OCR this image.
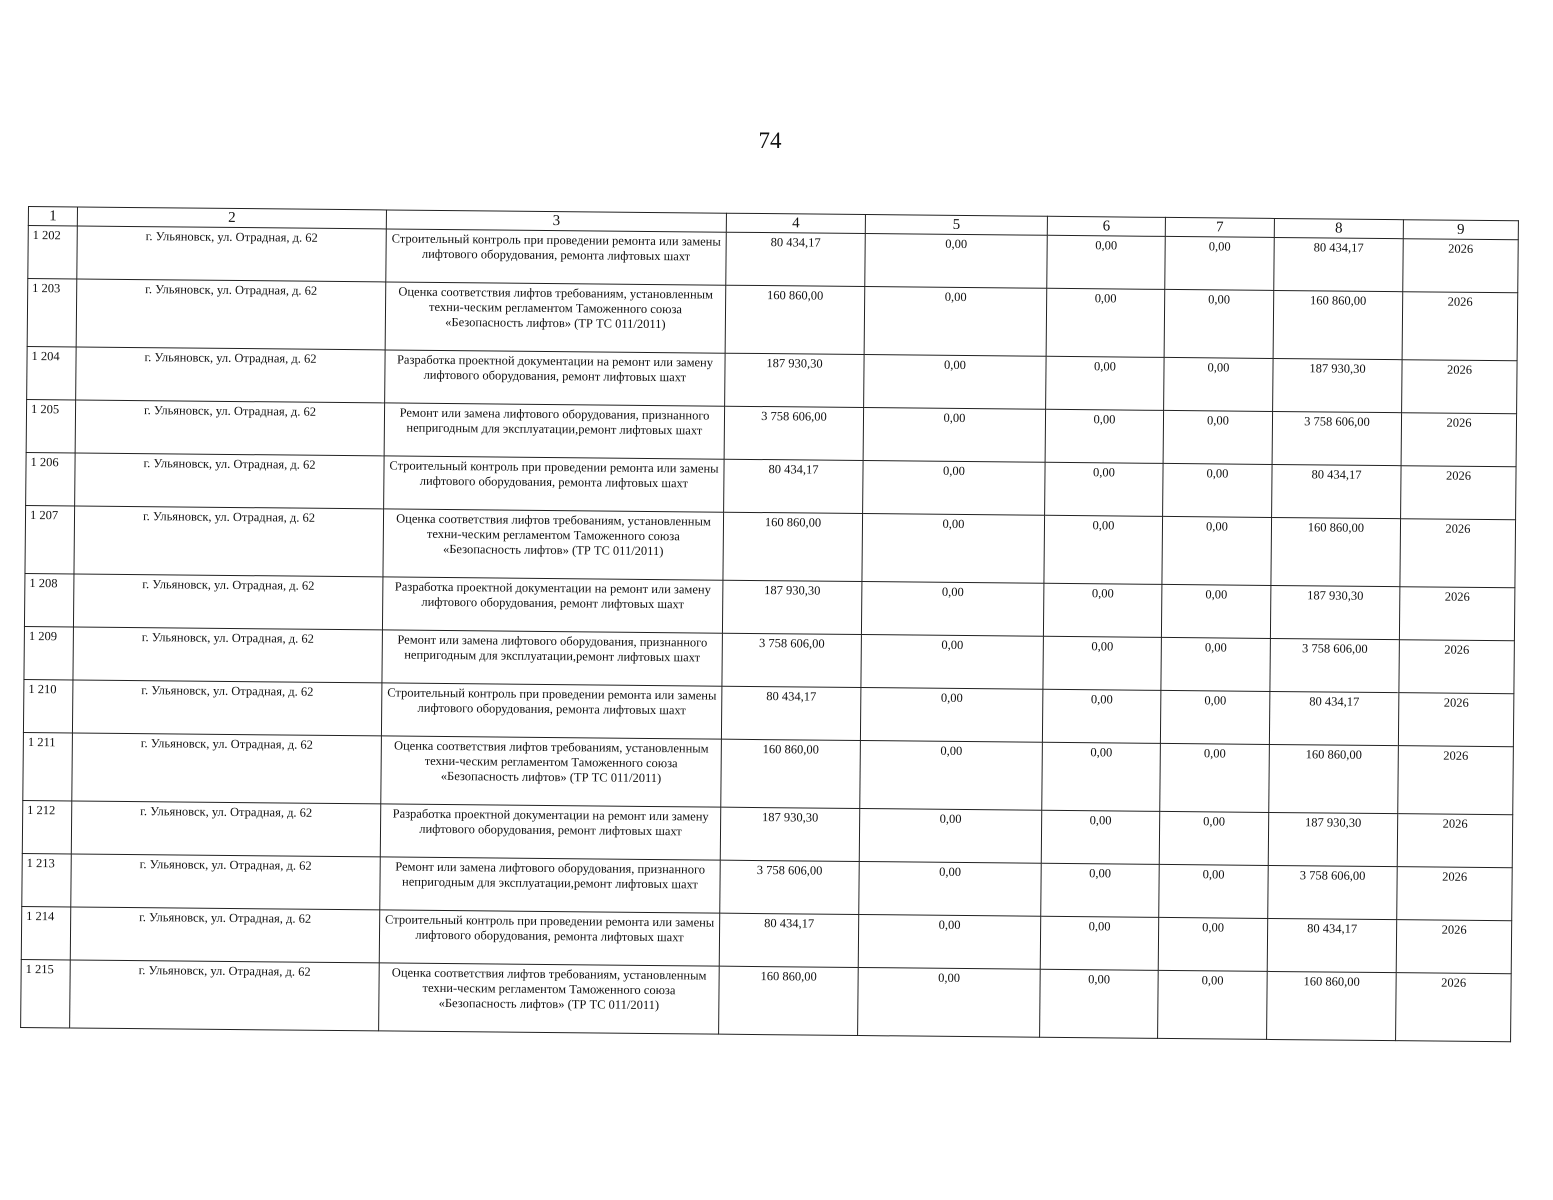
74
1	2	3	4	5	6	7	8	9
1 202	г. Ульяновск, ул. Отрадная, д. 62	Строительный контроль при проведении ремонта или замены лифтового оборудования, ремонта лифтовых шахт	80 434,17	0,00	0,00	0,00	80 434,17	2026
1 203	г. Ульяновск, ул. Отрадная, д. 62	Оценка соответствия лифтов требованиям, установленным техни-ческим регламентом Таможенного союза «Безопасность лифтов» (ТР ТС 011/2011)	160 860,00	0,00	0,00	0,00	160 860,00	2026
1 204	г. Ульяновск, ул. Отрадная, д. 62	Разработка проектной документации на ремонт или замену лифтового оборудования, ремонт лифтовых шахт	187 930,30	0,00	0,00	0,00	187 930,30	2026
1 205	г. Ульяновск, ул. Отрадная, д. 62	Ремонт или замена лифтового оборудования, признанного непригодным для эксплуатации,ремонт лифтовых шахт	3 758 606,00	0,00	0,00	0,00	3 758 606,00	2026
1 206	г. Ульяновск, ул. Отрадная, д. 62	Строительный контроль при проведении ремонта или замены лифтового оборудования, ремонта лифтовых шахт	80 434,17	0,00	0,00	0,00	80 434,17	2026
1 207	г. Ульяновск, ул. Отрадная, д. 62	Оценка соответствия лифтов требованиям, установленным техни-ческим регламентом Таможенного союза «Безопасность лифтов» (ТР ТС 011/2011)	160 860,00	0,00	0,00	0,00	160 860,00	2026
1 208	г. Ульяновск, ул. Отрадная, д. 62	Разработка проектной документации на ремонт или замену лифтового оборудования, ремонт лифтовых шахт	187 930,30	0,00	0,00	0,00	187 930,30	2026
1 209	г. Ульяновск, ул. Отрадная, д. 62	Ремонт или замена лифтового оборудования, признанного непригодным для эксплуатации,ремонт лифтовых шахт	3 758 606,00	0,00	0,00	0,00	3 758 606,00	2026
1 210	г. Ульяновск, ул. Отрадная, д. 62	Строительный контроль при проведении ремонта или замены лифтового оборудования, ремонта лифтовых шахт	80 434,17	0,00	0,00	0,00	80 434,17	2026
1 211	г. Ульяновск, ул. Отрадная, д. 62	Оценка соответствия лифтов требованиям, установленным техни-ческим регламентом Таможенного союза «Безопасность лифтов» (ТР ТС 011/2011)	160 860,00	0,00	0,00	0,00	160 860,00	2026
1 212	г. Ульяновск, ул. Отрадная, д. 62	Разработка проектной документации на ремонт или замену лифтового оборудования, ремонт лифтовых шахт	187 930,30	0,00	0,00	0,00	187 930,30	2026
1 213	г. Ульяновск, ул. Отрадная, д. 62	Ремонт или замена лифтового оборудования, признанного непригодным для эксплуатации,ремонт лифтовых шахт	3 758 606,00	0,00	0,00	0,00	3 758 606,00	2026
1 214	г. Ульяновск, ул. Отрадная, д. 62	Строительный контроль при проведении ремонта или замены лифтового оборудования, ремонта лифтовых шахт	80 434,17	0,00	0,00	0,00	80 434,17	2026
1 215	г. Ульяновск, ул. Отрадная, д. 62	Оценка соответствия лифтов требованиям, установленным техни-ческим регламентом Таможенного союза «Безопасность лифтов» (ТР ТС 011/2011)	160 860,00	0,00	0,00	0,00	160 860,00	2026
